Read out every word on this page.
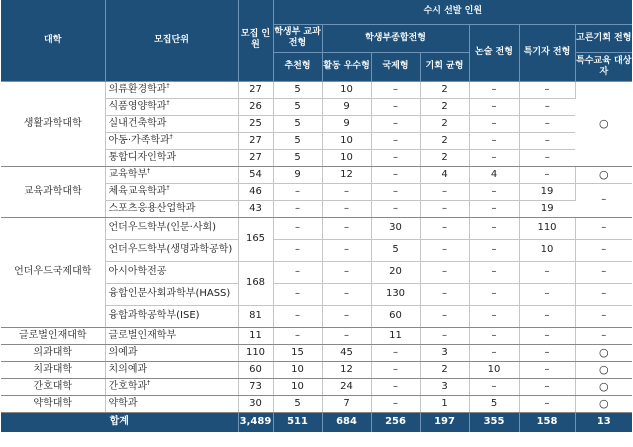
대학	모집단위	모집 인원	수시 선발 인원						
			학생부 교과전형	학생부종합전형			논술 전형	특기자 전형	고른기회 전형
			추천형	활동 우수형	국제형	기회 균형			특수교육 대상자
생활과학대학	의류환경학과†	27	5	10	–	2	–	–	○
	식품영양학과†	26	5	9	–	2	–	–	
	실내건축학과	25	5	9	–	2	–	–	
	아동·가족학과†	27	5	10	–	2	–	–	
	통합디자인학과	27	5	10	–	2	–	–	
교육과학대학	교육학부†	54	9	12	–	4	4	–	○
	체육교육학과†	46	–	–	–	–	–	19	–
	스포츠응용산업학과	43	–	–	–	–	–	19	
언더우드국제대학	언더우드학부(인문·사회)	165	–	–	30	–	–	110	–
	언더우드학부(생명과학공학)		–	–	5	–	–	10	–
	아시아학전공	168	–	–	20	–	–	–	–
	융합인문사회과학부(HASS)		–	–	130	–	–	–	–
	융합과학공학부(ISE)	81	–	–	60	–	–	–	–
글로벌인재대학	글로벌인재학부	11	–	–	11	–	–	–	–
의과대학	의예과	110	15	45	–	3	–	–	○
치과대학	치의예과	60	10	12	–	2	10	–	○
간호대학	간호학과†	73	10	24	–	3	–	–	○
약학대학	약학과	30	5	7	–	1	5	–	○
합계		3,489	511	684	256	197	355	158	13
